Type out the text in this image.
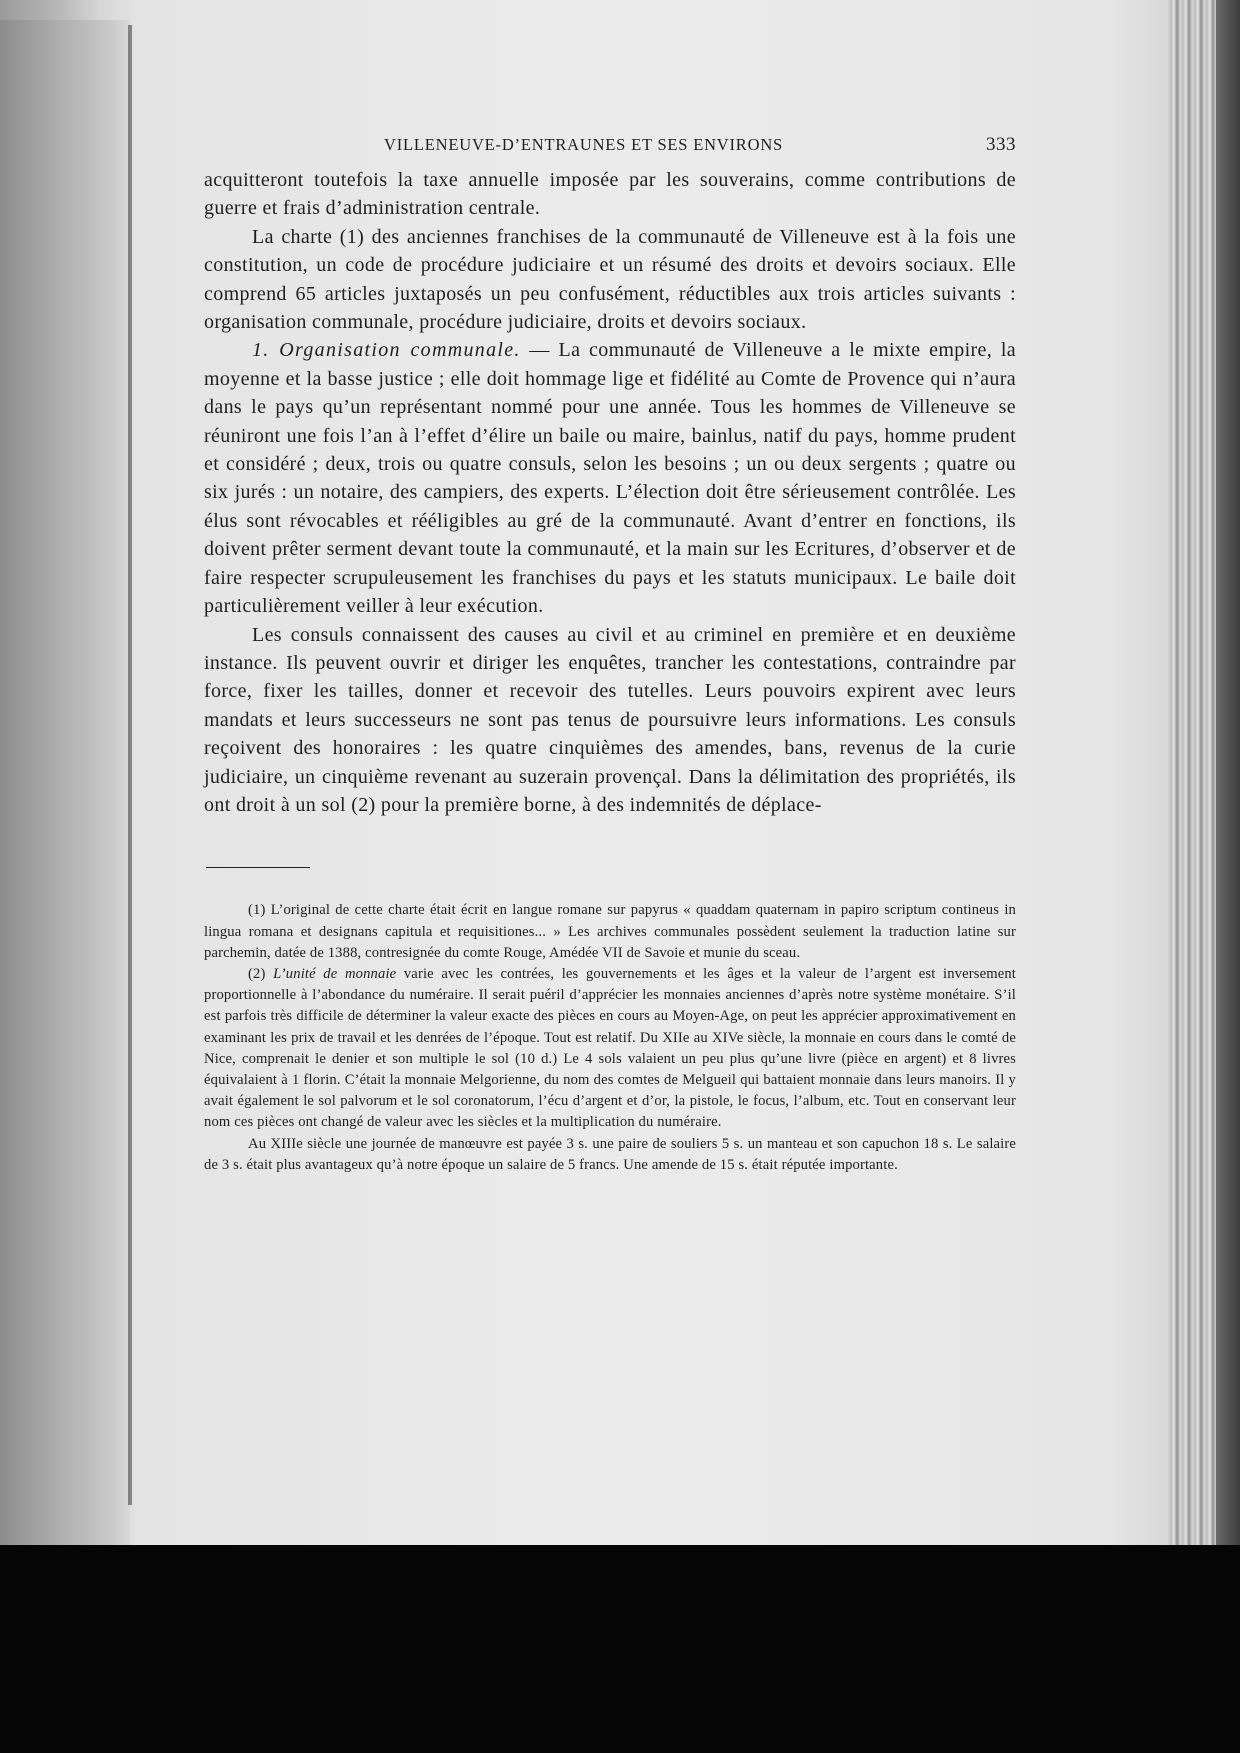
VILLENEUVE-D’ENTRAUNES ET SES ENVIRONS	333

acquitteront toutefois la taxe annuelle imposée par les souverains, comme contributions de guerre et frais d’administration centrale.

La charte (1) des anciennes franchises de la communauté de Villeneuve est à la fois une constitution, un code de procédure judiciaire et un résumé des droits et devoirs sociaux. Elle comprend 65 articles juxtaposés un peu confusément, réductibles aux trois articles suivants : organisation communale, procédure judiciaire, droits et devoirs sociaux.

1. Organisation communale. — La communauté de Villeneuve a le mixte empire, la moyenne et la basse justice ; elle doit hommage lige et fidélité au Comte de Provence qui n’aura dans le pays qu’un représentant nommé pour une année. Tous les hommes de Villeneuve se réuniront une fois l’an à l’effet d’élire un baile ou maire, bainlus, natif du pays, homme prudent et considéré ; deux, trois ou quatre consuls, selon les besoins ; un ou deux sergents ; quatre ou six jurés : un notaire, des campiers, des experts. L’élection doit être sérieusement contrôlée. Les élus sont révocables et rééligibles au gré de la communauté. Avant d’entrer en fonctions, ils doivent prêter serment devant toute la communauté, et la main sur les Ecritures, d’observer et de faire respecter scrupuleusement les franchises du pays et les statuts municipaux. Le baile doit particulièrement veiller à leur exécution.

Les consuls connaissent des causes au civil et au criminel en première et en deuxième instance. Ils peuvent ouvrir et diriger les enquêtes, trancher les contestations, contraindre par force, fixer les tailles, donner et recevoir des tutelles. Leurs pouvoirs expirent avec leurs mandats et leurs successeurs ne sont pas tenus de poursuivre leurs informations. Les consuls reçoivent des honoraires : les quatre cinquièmes des amendes, bans, revenus de la curie judiciaire, un cinquième revenant au suzerain provençal. Dans la délimitation des propriétés, ils ont droit à un sol (2) pour la première borne, à des indemnités de déplace-

(1) L’original de cette charte était écrit en langue romane sur papyrus « quaddam quaternam in papiro scriptum contineus in lingua romana et designans capitula et requisitiones... » Les archives communales possèdent seulement la traduction latine sur parchemin, datée de 1388, contresignée du comte Rouge, Amédée VII de Savoie et munie du sceau.

(2) L’unité de monnaie varie avec les contrées, les gouvernements et les âges et la valeur de l’argent est inversement proportionnelle à l’abondance du numéraire. Il serait puéril d’apprécier les monnaies anciennes d’après notre système monétaire. S’il est parfois très difficile de déterminer la valeur exacte des pièces en cours au Moyen-Age, on peut les apprécier approximativement en examinant les prix de travail et les denrées de l’époque. Tout est relatif. Du XIIe au XIVe siècle, la monnaie en cours dans le comté de Nice, comprenait le denier et son multiple le sol (10 d.) Le 4 sols valaient un peu plus qu’une livre (pièce en argent) et 8 livres équivalaient à 1 florin. C’était la monnaie Melgorienne, du nom des comtes de Melgueil qui battaient monnaie dans leurs manoirs. Il y avait également le sol palvorum et le sol coronatorum, l’écu d’argent et d’or, la pistole, le focus, l’album, etc. Tout en conservant leur nom ces pièces ont changé de valeur avec les siècles et la multiplication du numéraire.

Au XIIIe siècle une journée de manœuvre est payée 3 s. une paire de souliers 5 s. un manteau et son capuchon 18 s. Le salaire de 3 s. était plus avantageux qu’à notre époque un salaire de 5 francs. Une amende de 15 s. était réputée importante.
